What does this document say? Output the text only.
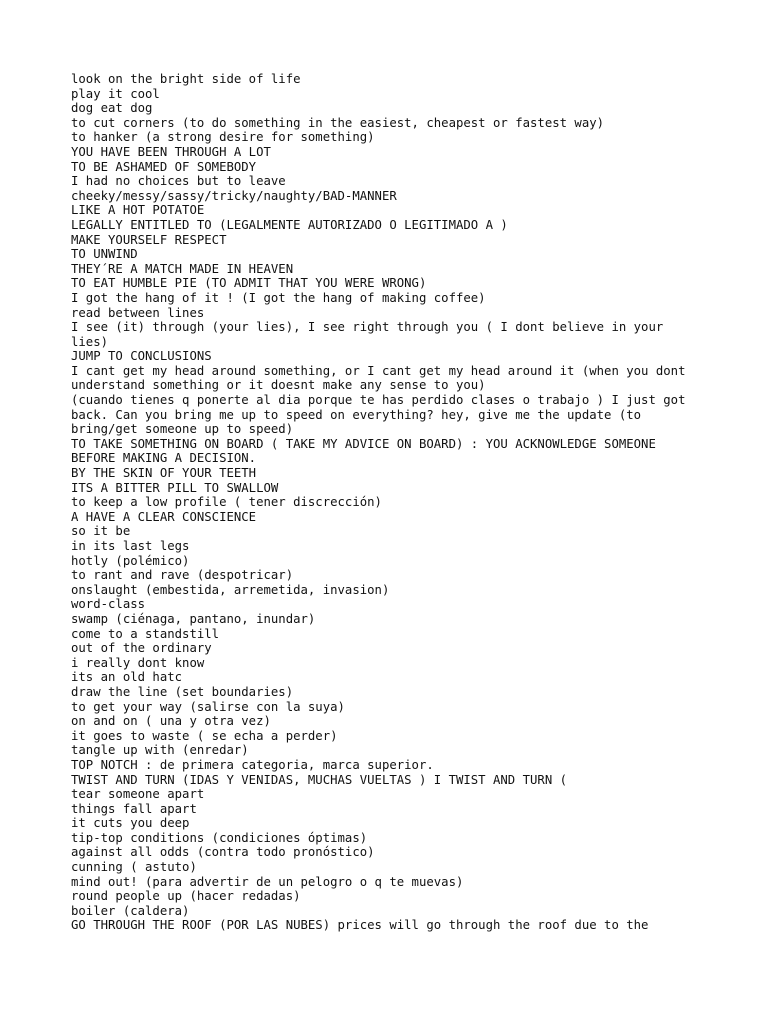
look on the bright side of life
play it cool
dog eat dog
to cut corners (to do something in the easiest, cheapest or fastest way)
to hanker (a strong desire for something)
YOU HAVE BEEN THROUGH A LOT
TO BE ASHAMED OF SOMEBODY
I had no choices but to leave
cheeky/messy/sassy/tricky/naughty/BAD-MANNER
LIKE A HOT POTATOE
LEGALLY ENTITLED TO (LEGALMENTE AUTORIZADO O LEGITIMADO A )
MAKE YOURSELF RESPECT
TO UNWIND
THEY´RE A MATCH MADE IN HEAVEN
TO EAT HUMBLE PIE (TO ADMIT THAT YOU WERE WRONG)
I got the hang of it ! (I got the hang of making coffee)
read between lines
I see (it) through (your lies), I see right through you ( I dont believe in your
lies)
JUMP TO CONCLUSIONS
I cant get my head around something, or I cant get my head around it (when you dont
understand something or it doesnt make any sense to you)
(cuando tienes q ponerte al dia porque te has perdido clases o trabajo ) I just got
back. Can you bring me up to speed on everything? hey, give me the update (to
bring/get someone up to speed)
TO TAKE SOMETHING ON BOARD ( TAKE MY ADVICE ON BOARD) : YOU ACKNOWLEDGE SOMEONE
BEFORE MAKING A DECISION.
BY THE SKIN OF YOUR TEETH
ITS A BITTER PILL TO SWALLOW
to keep a low profile ( tener discrección)
A HAVE A CLEAR CONSCIENCE
so it be
in its last legs
hotly (polémico)
to rant and rave (despotricar)
onslaught (embestida, arremetida, invasion)
word-class
swamp (ciénaga, pantano, inundar)
come to a standstill
out of the ordinary
i really dont know
its an old hatc
draw the line (set boundaries)
to get your way (salirse con la suya)
on and on ( una y otra vez)
it goes to waste ( se echa a perder)
tangle up with (enredar)
TOP NOTCH : de primera categoria, marca superior.
TWIST AND TURN (IDAS Y VENIDAS, MUCHAS VUELTAS ) I TWIST AND TURN (
tear someone apart
things fall apart
it cuts you deep
tip-top conditions (condiciones óptimas)
against all odds (contra todo pronóstico)
cunning ( astuto)
mind out! (para advertir de un pelogro o q te muevas)
round people up (hacer redadas)
boiler (caldera)
GO THROUGH THE ROOF (POR LAS NUBES) prices will go through the roof due to the
